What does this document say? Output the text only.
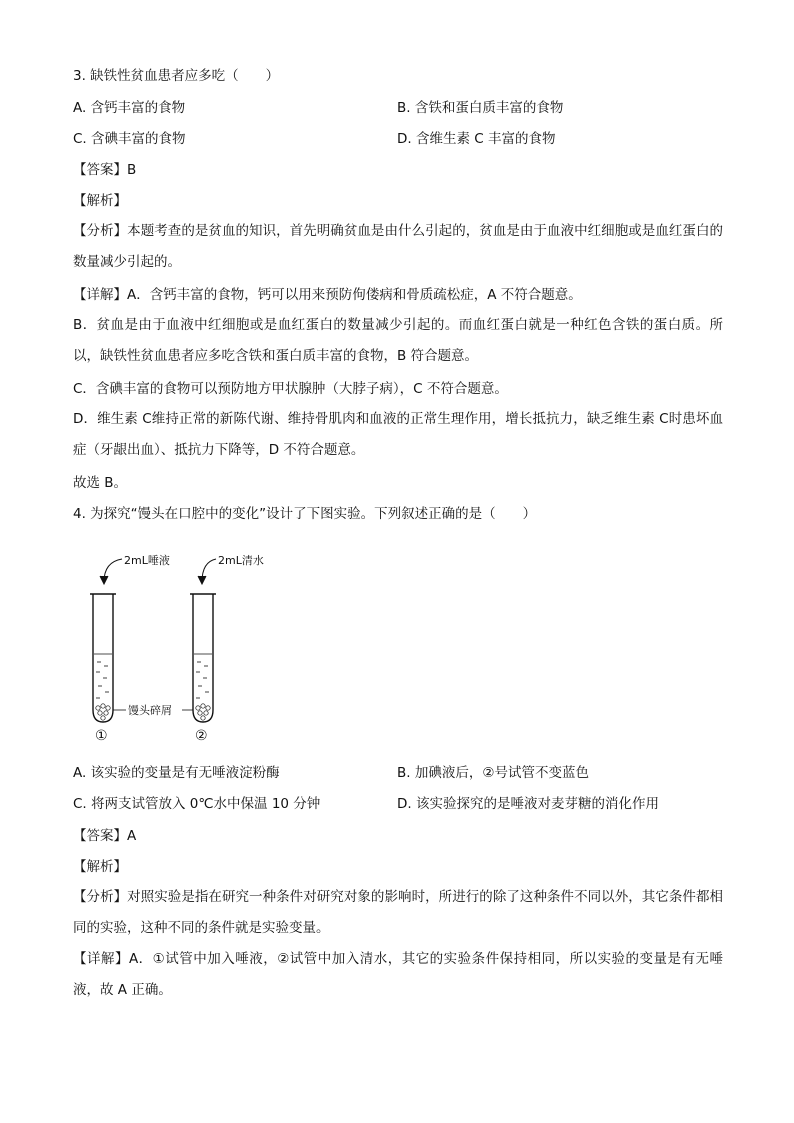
3. 缺铁性贫血患者应多吃（　　）
A. 含钙丰富的食物	B. 含铁和蛋白质丰富的食物
C. 含碘丰富的食物	D. 含维生素 C 丰富的食物
【答案】B
【解析】
【分析】本题考查的是贫血的知识，首先明确贫血是由什么引起的，贫血是由于血液中红细胞或是血红蛋白的数量减少引起的。
【详解】A．含钙丰富的食物，钙可以用来预防佝偻病和骨质疏松症，A 不符合题意。
B．贫血是由于血液中红细胞或是血红蛋白的数量减少引起的。而血红蛋白就是一种红色含铁的蛋白质。所以，缺铁性贫血患者应多吃含铁和蛋白质丰富的食物，B 符合题意。
C．含碘丰富的食物可以预防地方甲状腺肿（大脖子病），C 不符合题意。
D．维生素 C维持正常的新陈代谢、维持骨肌肉和血液的正常生理作用，增长抵抗力，缺乏维生素 C时患坏血症（牙龈出血）、抵抗力下降等，D 不符合题意。
故选 B。
4. 为探究“馒头在口腔中的变化”设计了下图实验。下列叙述正确的是（　　）
2mL唾液	2mL清水
馒头碎屑
①	②
A. 该实验的变量是有无唾液淀粉酶	B. 加碘液后，②号试管不变蓝色
C. 将两支试管放入 0℃水中保温 10 分钟	D. 该实验探究的是唾液对麦芽糖的消化作用
【答案】A
【解析】
【分析】对照实验是指在研究一种条件对研究对象的影响时，所进行的除了这种条件不同以外，其它条件都相同的实验，这种不同的条件就是实验变量。
【详解】A．①试管中加入唾液，②试管中加入清水，其它的实验条件保持相同，所以实验的变量是有无唾液，故 A 正确。
